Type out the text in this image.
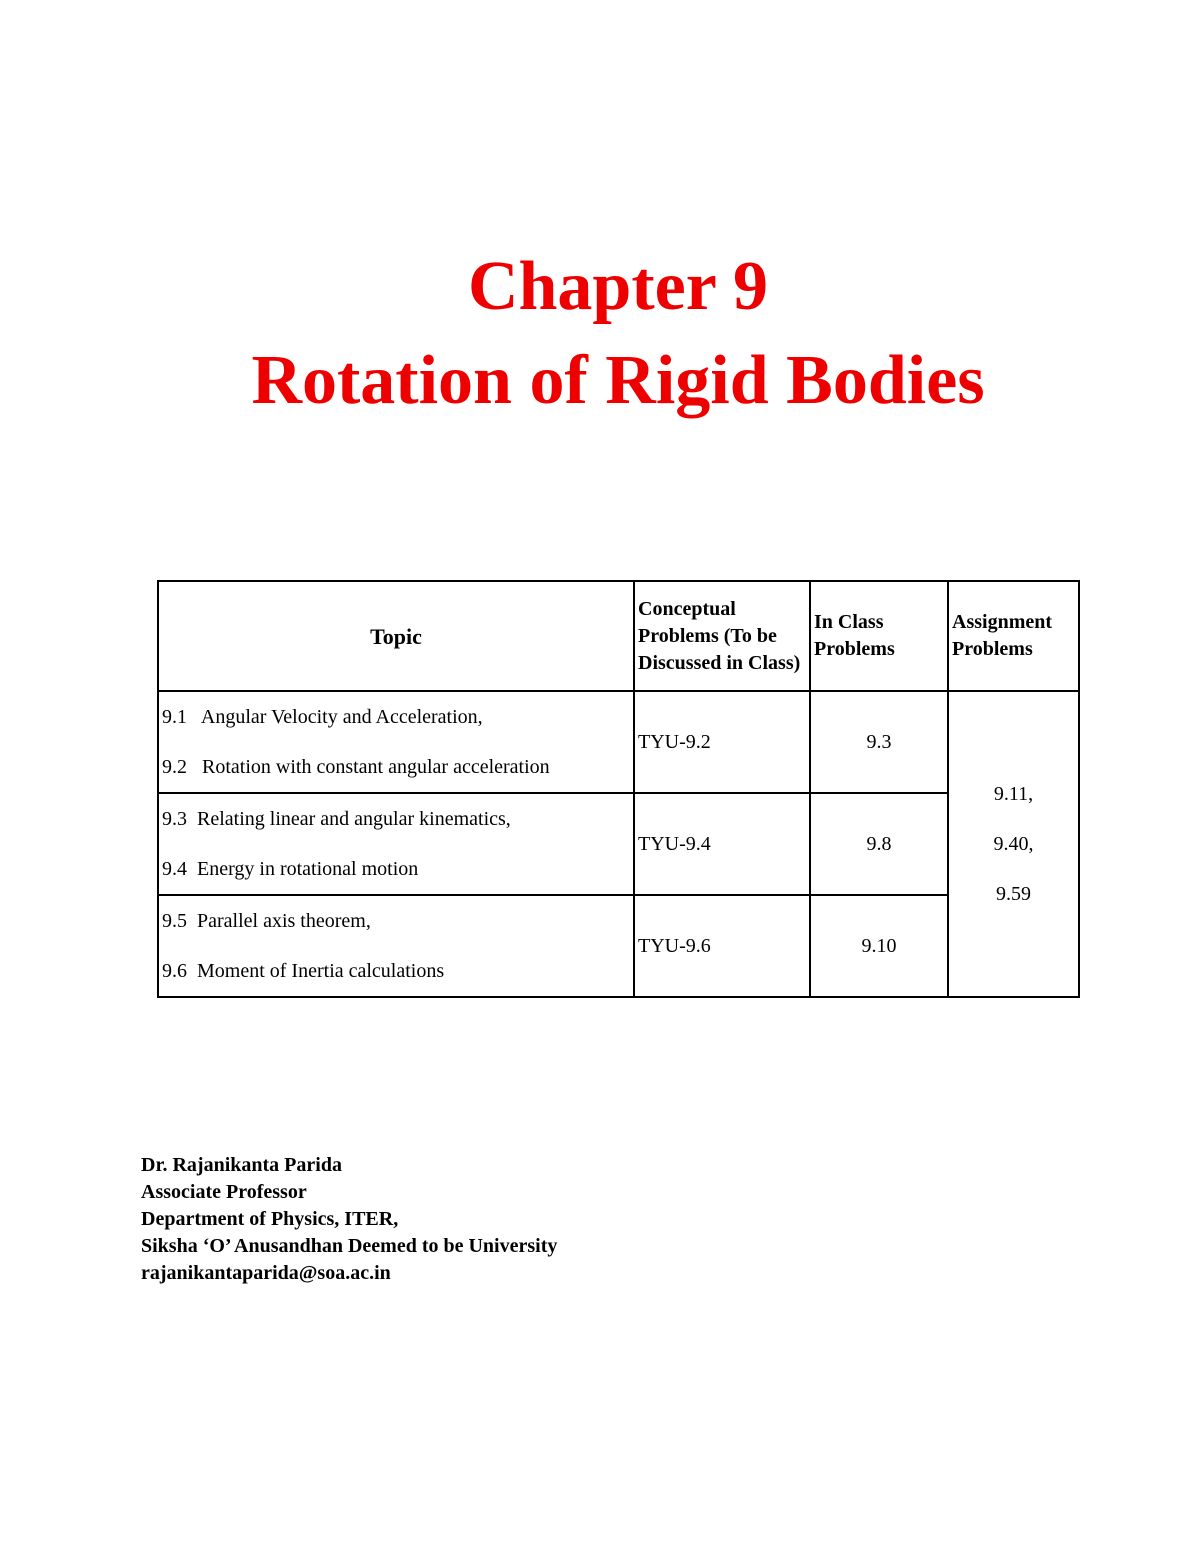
Chapter 9
Rotation of Rigid Bodies
Topic	Conceptual Problems (To be Discussed in Class)	In Class Problems	Assignment Problems

9.1   Angular Velocity and Acceleration,
9.2   Rotation with constant angular acceleration	TYU-9.2	9.3	9.11,
9.40,
9.59

9.3  Relating linear and angular kinematics,
9.4  Energy in rotational motion	TYU-9.4	9.8	

9.5  Parallel axis theorem,
9.6  Moment of Inertia calculations	TYU-9.6	9.10	
Dr. Rajanikanta Parida
Associate Professor
Department of Physics, ITER,
Siksha ‘O’ Anusandhan Deemed to be University
rajanikantaparida@soa.ac.in
